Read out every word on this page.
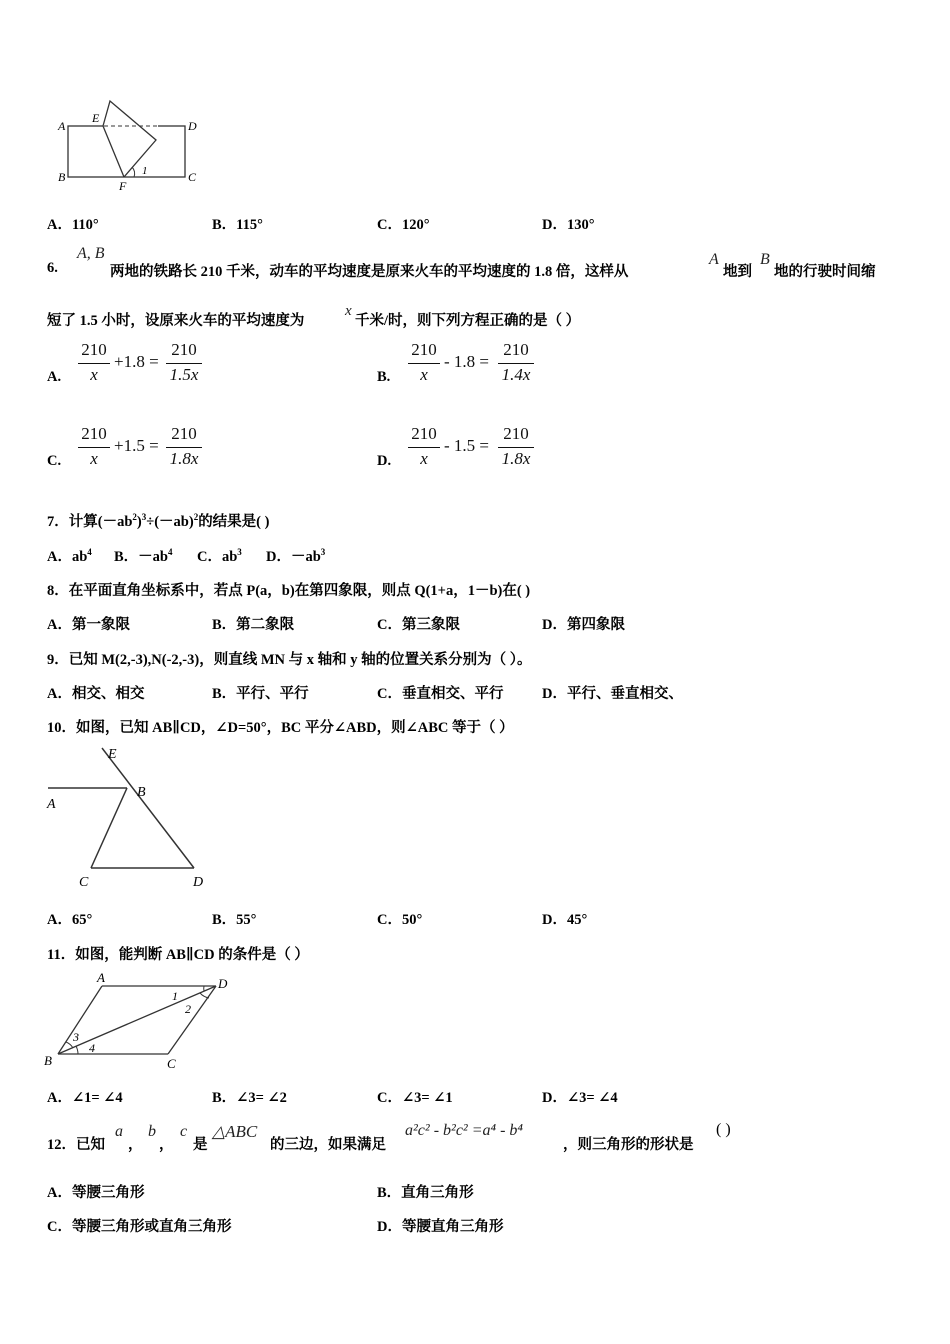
A
E
D
B
F
1	C
A．110°	B．115°	C．120°	D．130°
6.
A, B
两地的铁路长 210 千米，动车的平均速度是原来火车的平均速度的 1.8 倍，这样从
A
地到
B
地的行驶时间缩
短了 1.5 小时，设原来火车的平均速度为
x
千米/时，则下列方程正确的是（ ）
A.
210
x
+1.8 =
210
1.5x	B.
210
x
- 1.8 =
210
1.4x
C.
210
x
+1.5 =
210
1.8x	D.
210
x
- 1.5 =
210
1.8x
7．计算$(-ab^2)^3\div(-ab)^2$的结果是( )
A．$ab^4$ B．$-ab^4$ C．$ab^3$ D．$-ab^3$
8．在平面直角坐标系中，若点 P(a，b)在第四象限，则点 Q(1+a，1－b)在( )
A．第一象限	B．第二象限	C．第三象限	D．第四象限
9．已知 M(2,-3),N(-2,-3)，则直线 MN 与 x 轴和 y 轴的位置关系分别为（ ）。
A．相交、相交	B．平行、平行	C．垂直相交、平行	D．平行、垂直相交、
10．如图，已知 AB∥CD，∠D=50°，BC 平分∠ABD，则∠ABC 等于（ ）
E
A
B
C	D
A．65°	B．55°	C．50°	D．45°
11．如图，能判断 AB∥CD 的条件是（ ）
A	D
1
2
3
4
B	C
A．∠1= ∠4	B．∠3= ∠2	C．∠3= ∠1	D．∠3= ∠4
12．已知
a
，
b
，
c
是
△ABC
的三边，如果满足
a²c² - b²c² =a⁴ - b⁴
，则三角形的形状是
( )
A．等腰三角形	B．直角三角形
C．等腰三角形或直角三角形	D．等腰直角三角形
